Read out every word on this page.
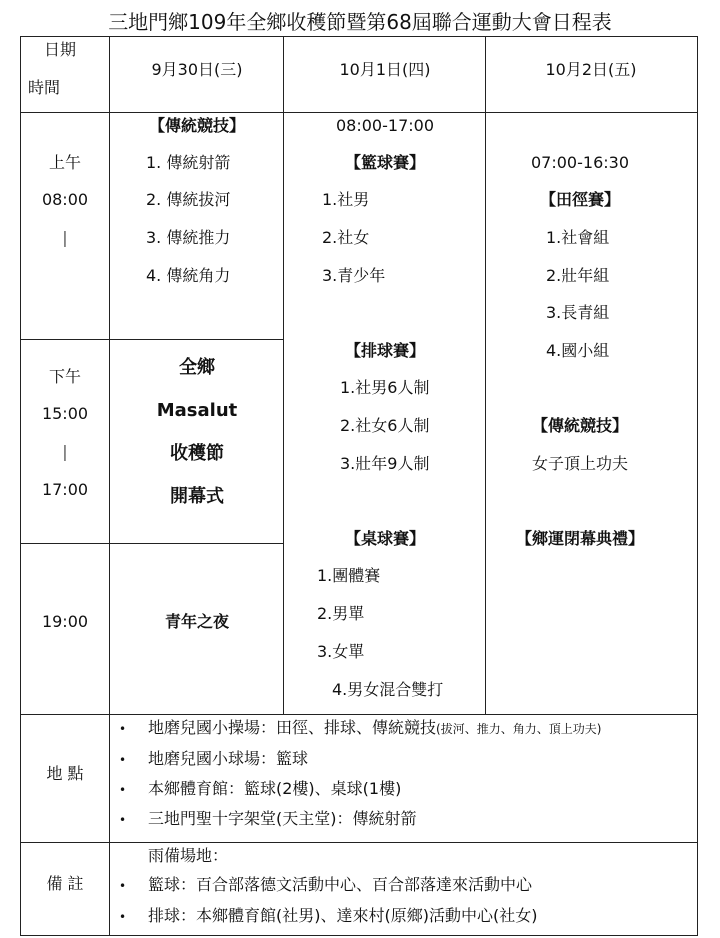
三地門鄉109年全鄉收穫節暨第68屆聯合運動大會日程表
日期
時間
9月30日(三)	10月1日(四)	10月2日(五)
上午
08:00
|
下午
15:00
|
17:00
19:00
【傳統競技】
1. 傳統射箭
2. 傳統拔河
3. 傳統推力
4. 傳統角力
全鄉
Masalut
收穫節
開幕式
青年之夜
08:00-17:00
【籃球賽】
1.社男
2.社女
3.青少年
【排球賽】
1.社男6人制
2.社女6人制
3.壯年9人制
【桌球賽】
1.團體賽
2.男單
3.女單
4.男女混合雙打
07:00-16:30
【田徑賽】
1.社會組
2.壯年組
3.長青組
4.國小組
【傳統競技】
女子頂上功夫
【鄉運閉幕典禮】
地 點
• 地磨兒國小操場：田徑、排球、傳統競技(拔河、推力、角力、頂上功夫)
• 地磨兒國小球場：籃球
• 本鄉體育館：籃球(2樓)、桌球(1樓)
• 三地門聖十字架堂(天主堂)：傳統射箭
備 註
雨備場地：
• 籃球：百合部落德文活動中心、百合部落達來活動中心
• 排球：本鄉體育館(社男)、達來村(原鄉)活動中心(社女)
